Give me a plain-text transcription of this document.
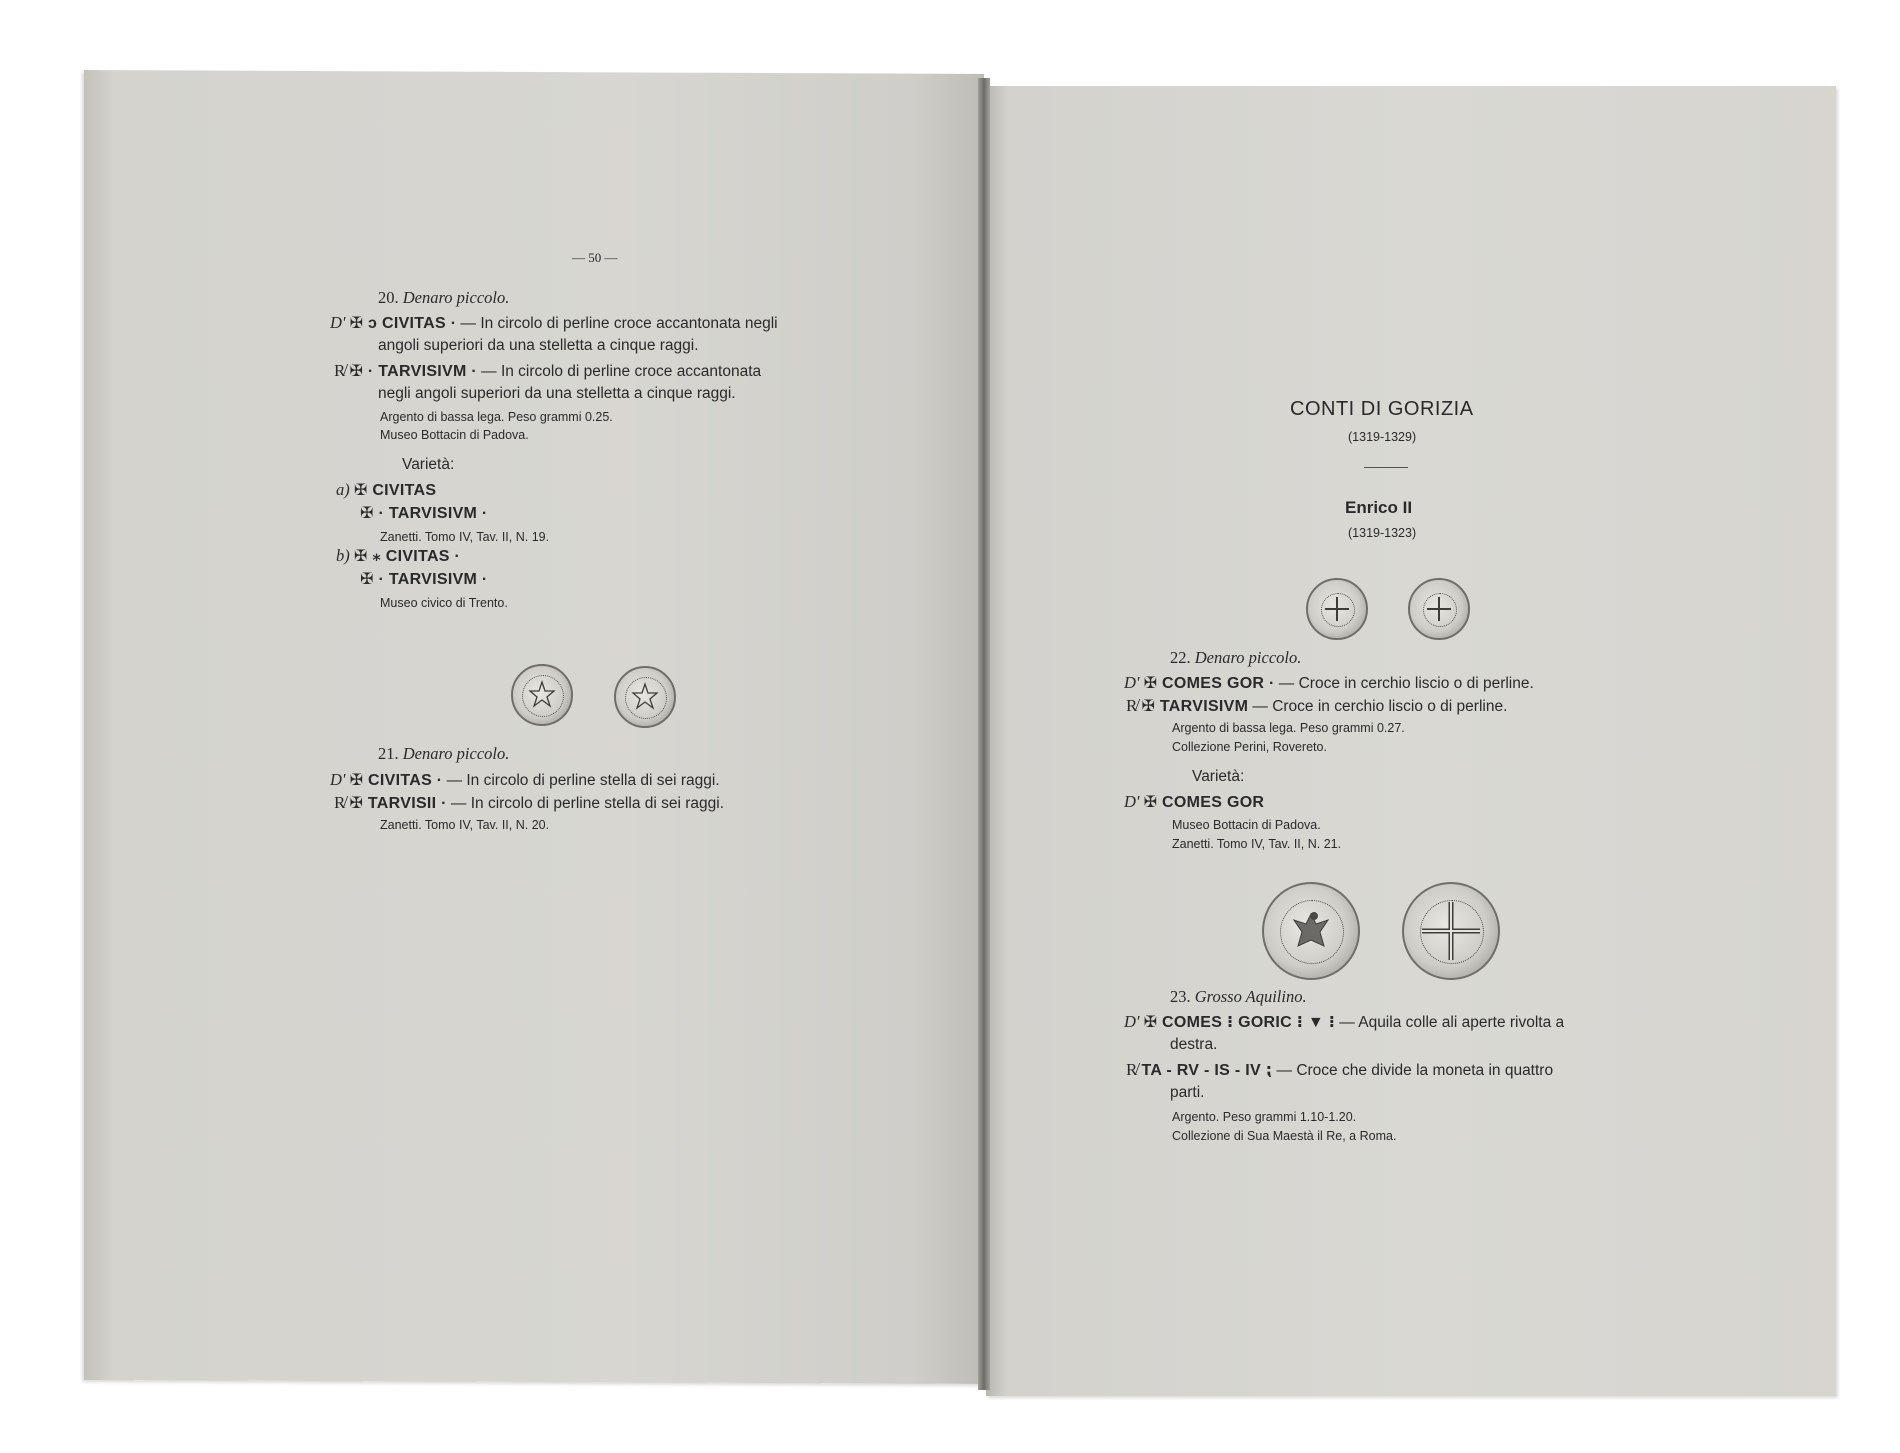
— 50 —
20. Denaro piccolo.
D' ✠ ↄ CIVITAS · — In circolo di perline croce accantonata negli
angoli superiori da una stelletta a cinque raggi.
R̸ ✠ · TARVISIVM · — In circolo di perline croce accantonata
negli angoli superiori da una stelletta a cinque raggi.
Argento di bassa lega. Peso grammi 0.25.
Museo Bottacin di Padova.
Varietà:
a) ✠ CIVITAS
✠ · TARVISIVM ·
Zanetti. Tomo IV, Tav. II, N. 19.
b) ✠ ⁎ CIVITAS ·
✠ · TARVISIVM ·
Museo civico di Trento.
21. Denaro piccolo.
D' ✠ CIVITAS · — In circolo di perline stella di sei raggi.
R̸ ✠ TARVISII · — In circolo di perline stella di sei raggi.
Zanetti. Tomo IV, Tav. II, N. 20.
CONTI DI GORIZIA
(1319-1329)
Enrico II
(1319-1323)
22. Denaro piccolo.
D' ✠ COMES GOR · — Croce in cerchio liscio o di perline.
R̸ ✠ TARVISIVM — Croce in cerchio liscio o di perline.
Argento di bassa lega. Peso grammi 0.27.
Collezione Perini, Rovereto.
Varietà:
D' ✠ COMES GOR
Museo Bottacin di Padova.
Zanetti. Tomo IV, Tav. II, N. 21.
23. Grosso Aquilino.
D' ✠ COMES ⁝ GORIC ⁝ ▼ ⁝ — Aquila colle ali aperte rivolta a
destra.
R̸ TA - RV - IS - IV ⁏ — Croce che divide la moneta in quattro
parti.
Argento. Peso grammi 1.10-1.20.
Collezione di Sua Maestà il Re, a Roma.
